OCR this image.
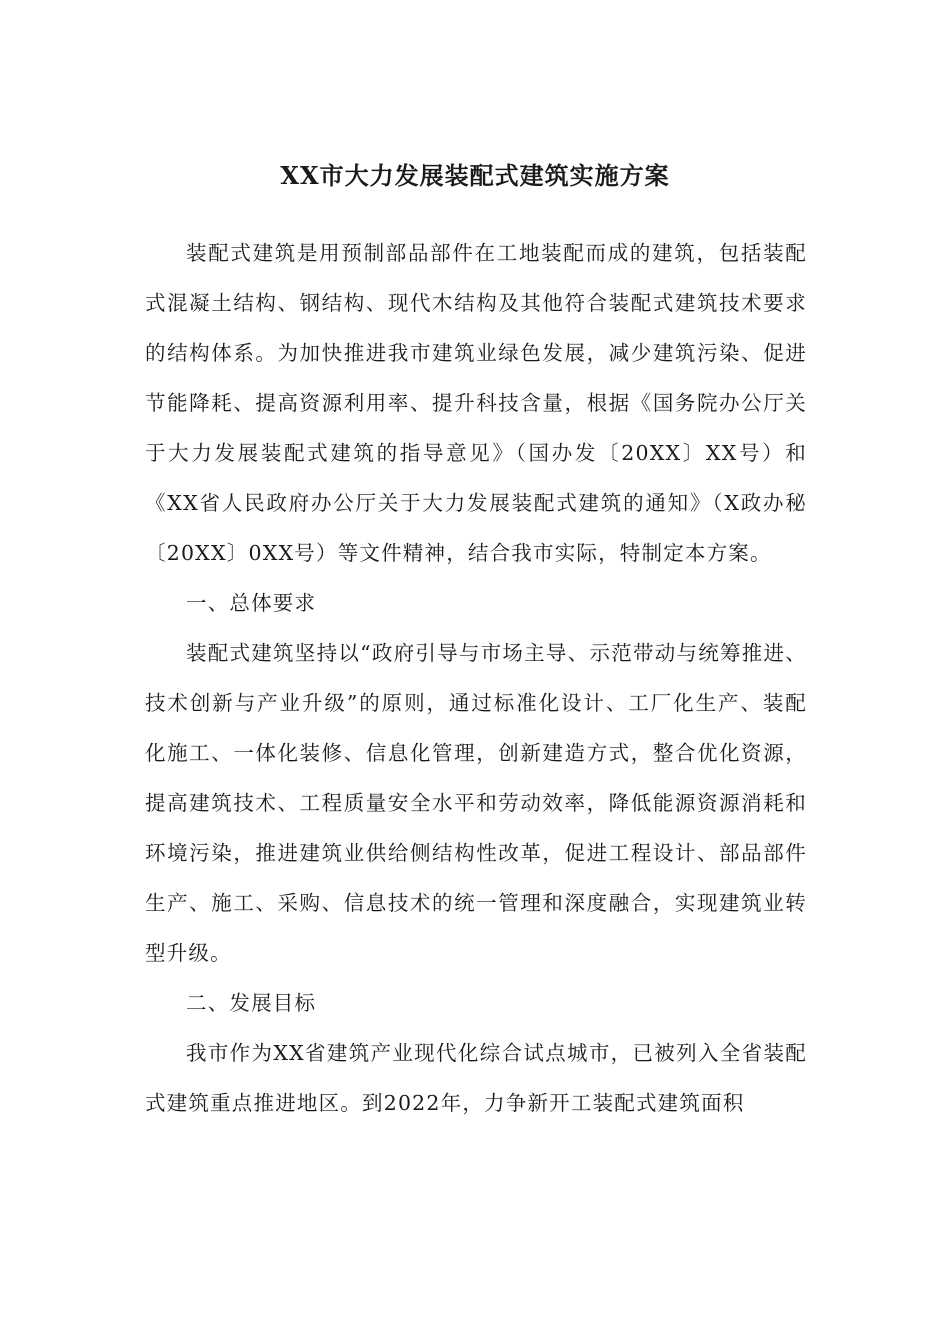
XX市大力发展装配式建筑实施方案

装配式建筑是用预制部品部件在工地装配而成的建筑，包括装配式混凝土结构、钢结构、现代木结构及其他符合装配式建筑技术要求的结构体系。为加快推进我市建筑业绿色发展，减少建筑污染、促进节能降耗、提高资源利用率、提升科技含量，根据《国务院办公厅关于大力发展装配式建筑的指导意见》（国办发〔20XX〕XX号）和《XX省人民政府办公厅关于大力发展装配式建筑的通知》（X政办秘〔20XX〕0XX号）等文件精神，结合我市实际，特制定本方案。

一、总体要求

装配式建筑坚持以“政府引导与市场主导、示范带动与统筹推进、技术创新与产业升级”的原则，通过标准化设计、工厂化生产、装配化施工、一体化装修、信息化管理，创新建造方式，整合优化资源，提高建筑技术、工程质量安全水平和劳动效率，降低能源资源消耗和环境污染，推进建筑业供给侧结构性改革，促进工程设计、部品部件生产、施工、采购、信息技术的统一管理和深度融合，实现建筑业转型升级。

二、发展目标

我市作为XX省建筑产业现代化综合试点城市，已被列入全省装配式建筑重点推进地区。到2022年，力争新开工装配式建筑面积
